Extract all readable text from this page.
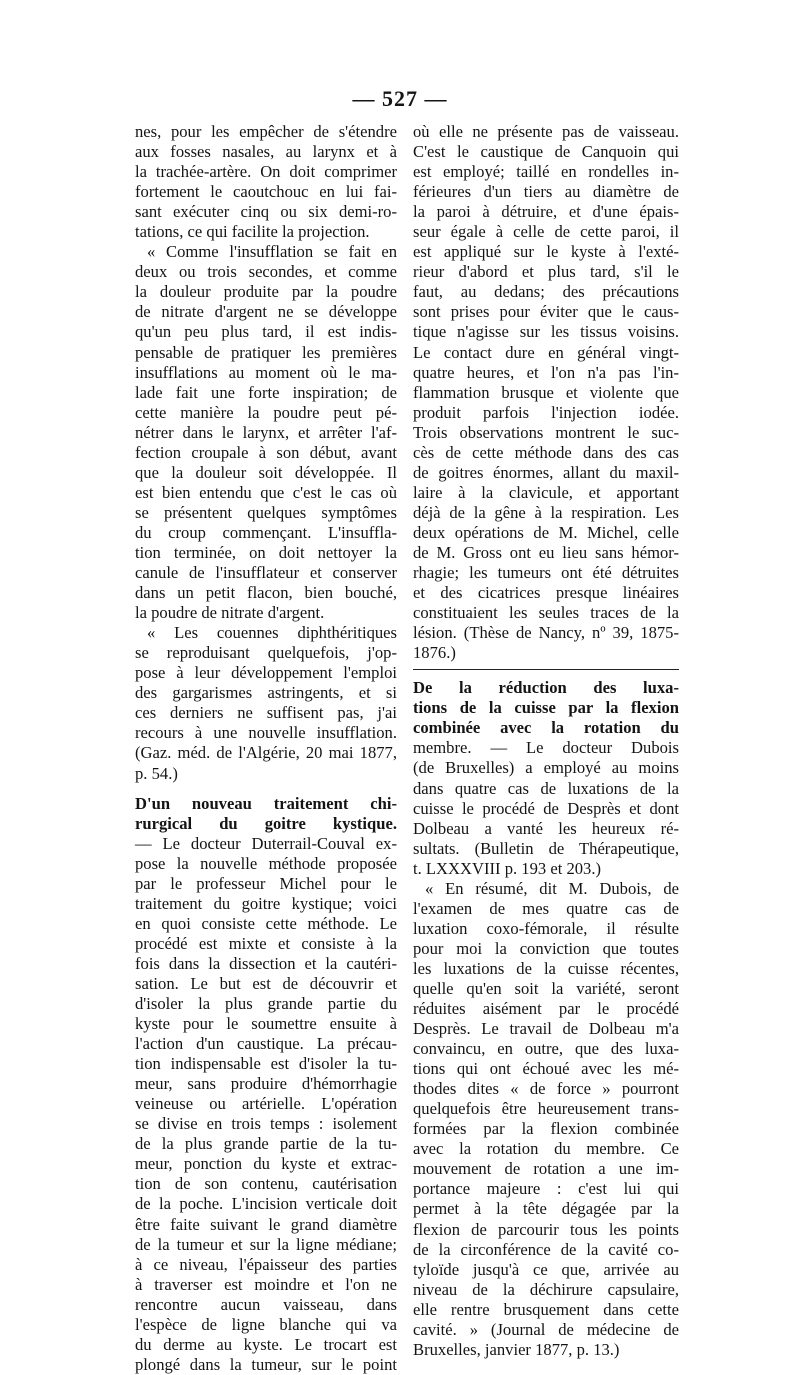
— 527 —
nes, pour les empêcher de s'étendre
aux fosses nasales, au larynx et à
la trachée-artère. On doit comprimer
fortement le caoutchouc en lui fai-
sant exécuter cinq ou six demi-ro-
tations, ce qui facilite la projection.
« Comme l'insufflation se fait en
deux ou trois secondes, et comme
la douleur produite par la poudre
de nitrate d'argent ne se développe
qu'un peu plus tard, il est indis-
pensable de pratiquer les premières
insufflations au moment où le ma-
lade fait une forte inspiration; de
cette manière la poudre peut pé-
nétrer dans le larynx, et arrêter l'af-
fection croupale à son début, avant
que la douleur soit développée. Il
est bien entendu que c'est le cas où
se présentent quelques symptômes
du croup commençant. L'insuffla-
tion terminée, on doit nettoyer la
canule de l'insufflateur et conserver
dans un petit flacon, bien bouché,
la poudre de nitrate d'argent.
« Les couennes diphthéritiques
se reproduisant quelquefois, j'op-
pose à leur développement l'emploi
des gargarismes astringents, et si
ces derniers ne suffisent pas, j'ai
recours à une nouvelle insufflation.
(Gaz. méd. de l'Algérie, 20 mai 1877,
p. 54.)
D'un nouveau traitement chi-
rurgical du goitre kystique.
— Le docteur Duterrail-Couval ex-
pose la nouvelle méthode proposée
par le professeur Michel pour le
traitement du goitre kystique; voici
en quoi consiste cette méthode. Le
procédé est mixte et consiste à la
fois dans la dissection et la cautéri-
sation. Le but est de découvrir et
d'isoler la plus grande partie du
kyste pour le soumettre ensuite à
l'action d'un caustique. La précau-
tion indispensable est d'isoler la tu-
meur, sans produire d'hémorrhagie
veineuse ou artérielle. L'opération
se divise en trois temps : isolement
de la plus grande partie de la tu-
meur, ponction du kyste et extrac-
tion de son contenu, cautérisation
de la poche. L'incision verticale doit
être faite suivant le grand diamètre
de la tumeur et sur la ligne médiane;
à ce niveau, l'épaisseur des parties
à traverser est moindre et l'on ne
rencontre aucun vaisseau, dans
l'espèce de ligne blanche qui va
du derme au kyste. Le trocart est
plongé dans la tumeur, sur le point
où elle ne présente pas de vaisseau.
C'est le caustique de Canquoin qui
est employé; taillé en rondelles in-
férieures d'un tiers au diamètre de
la paroi à détruire, et d'une épais-
seur égale à celle de cette paroi, il
est appliqué sur le kyste à l'exté-
rieur d'abord et plus tard, s'il le
faut, au dedans; des précautions
sont prises pour éviter que le caus-
tique n'agisse sur les tissus voisins.
Le contact dure en général vingt-
quatre heures, et l'on n'a pas l'in-
flammation brusque et violente que
produit parfois l'injection iodée.
Trois observations montrent le suc-
cès de cette méthode dans des cas
de goitres énormes, allant du maxil-
laire à la clavicule, et apportant
déjà de la gêne à la respiration. Les
deux opérations de M. Michel, celle
de M. Gross ont eu lieu sans hémor-
rhagie; les tumeurs ont été détruites
et des cicatrices presque linéaires
constituaient les seules traces de la
lésion. (Thèse de Nancy, nº 39, 1875-
1876.)
De la réduction des luxa-
tions de la cuisse par la flexion
combinée avec la rotation du
membre. — Le docteur Dubois
(de Bruxelles) a employé au moins
dans quatre cas de luxations de la
cuisse le procédé de Desprès et dont
Dolbeau a vanté les heureux ré-
sultats. (Bulletin de Thérapeutique,
t. LXXXVIII p. 193 et 203.)
« En résumé, dit M. Dubois, de
l'examen de mes quatre cas de
luxation coxo-fémorale, il résulte
pour moi la conviction que toutes
les luxations de la cuisse récentes,
quelle qu'en soit la variété, seront
réduites aisément par le procédé
Desprès. Le travail de Dolbeau m'a
convaincu, en outre, que des luxa-
tions qui ont échoué avec les mé-
thodes dites « de force » pourront
quelquefois être heureusement trans-
formées par la flexion combinée
avec la rotation du membre. Ce
mouvement de rotation a une im-
portance majeure : c'est lui qui
permet à la tête dégagée par la
flexion de parcourir tous les points
de la circonférence de la cavité co-
tyloïde jusqu'à ce que, arrivée au
niveau de la déchirure capsulaire,
elle rentre brusquement dans cette
cavité. » (Journal de médecine de
Bruxelles, janvier 1877, p. 13.)
